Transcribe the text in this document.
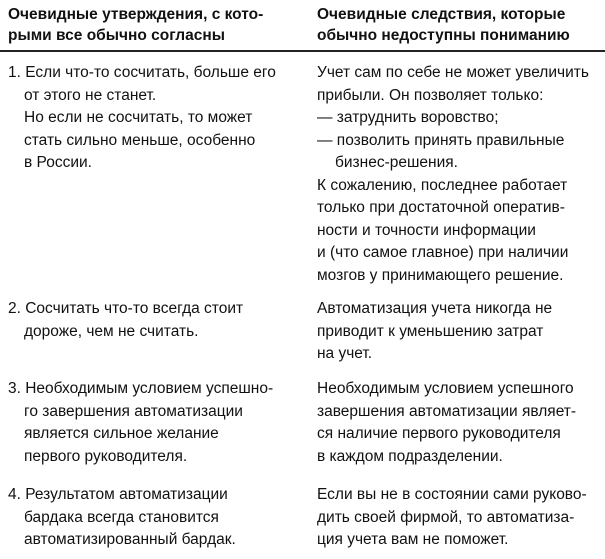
Очевидные утверждения, с кото-
рыми все обычно согласны
Очевидные следствия, которые
обычно недоступны пониманию
1. Если что-то сосчитать, больше его
от этого не станет.
Но если не сосчитать, то может
стать сильно меньше, особенно
в России.
Учет сам по себе не может увеличить
прибыли. Он позволяет только:
— затруднить воровство;
— позволить принять правильные
бизнес-решения.
К сожалению, последнее работает
только при достаточной оператив-
ности и точности информации
и (что самое главное) при наличии
мозгов у принимающего решение.
2. Сосчитать что-то всегда стоит
дороже, чем не считать.
Автоматизация учета никогда не
приводит к уменьшению затрат
на учет.
3. Необходимым условием успешно-
го завершения автоматизации
является сильное желание
первого руководителя.
Необходимым условием успешного
завершения автоматизации являет-
ся наличие первого руководителя
в каждом подразделении.
4. Результатом автоматизации
бардака всегда становится
автоматизированный бардак.
Если вы не в состоянии сами руково-
дить своей фирмой, то автоматиза-
ция учета вам не поможет.
